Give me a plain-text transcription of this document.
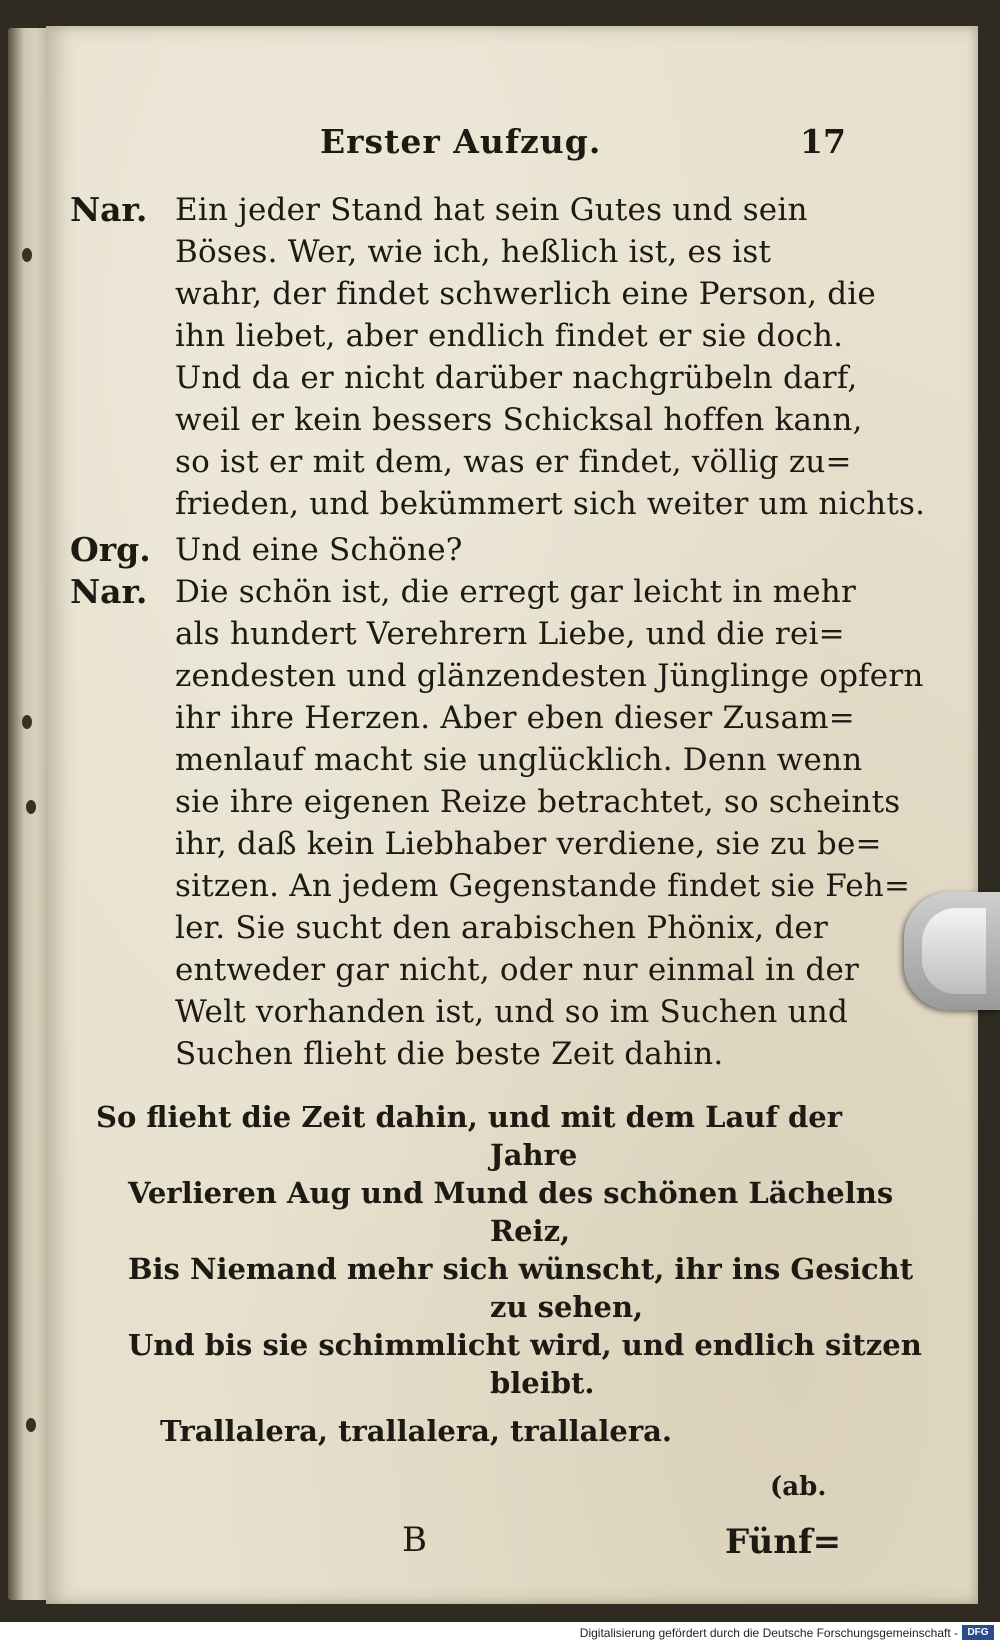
Erster Aufzug.	17
Nar. Ein jeder Stand hat sein Gutes und sein
Böses. Wer, wie ich, heßlich ist, es ist
wahr, der findet schwerlich eine Person, die
ihn liebet, aber endlich findet er sie doch.
Und da er nicht darüber nachgrübeln darf,
weil er kein bessers Schicksal hoffen kann,
so ist er mit dem, was er findet, völlig zu=
frieden, und bekümmert sich weiter um nichts.
Org. Und eine Schöne?
Nar. Die schön ist, die erregt gar leicht in mehr
als hundert Verehrern Liebe, und die rei=
zendesten und glänzendesten Jünglinge opfern
ihr ihre Herzen. Aber eben dieser Zusam=
menlauf macht sie unglücklich. Denn wenn
sie ihre eigenen Reize betrachtet, so scheints
ihr, daß kein Liebhaber verdiene, sie zu be=
sitzen. An jedem Gegenstande findet sie Feh=
ler. Sie sucht den arabischen Phönix, der
entweder gar nicht, oder nur einmal in der
Welt vorhanden ist, und so im Suchen und
Suchen flieht die beste Zeit dahin.
So flieht die Zeit dahin, und mit dem Lauf der
Jahre
Verlieren Aug und Mund des schönen Lächelns
Reiz,
Bis Niemand mehr sich wünscht, ihr ins Gesicht
zu sehen,
Und bis sie schimmlicht wird, und endlich sitzen
bleibt.
Trallalera, trallalera, trallalera.
(ab.
B	Fünf=
Digitalisierung gefördert durch die Deutsche Forschungsgemeinschaft - DFG
